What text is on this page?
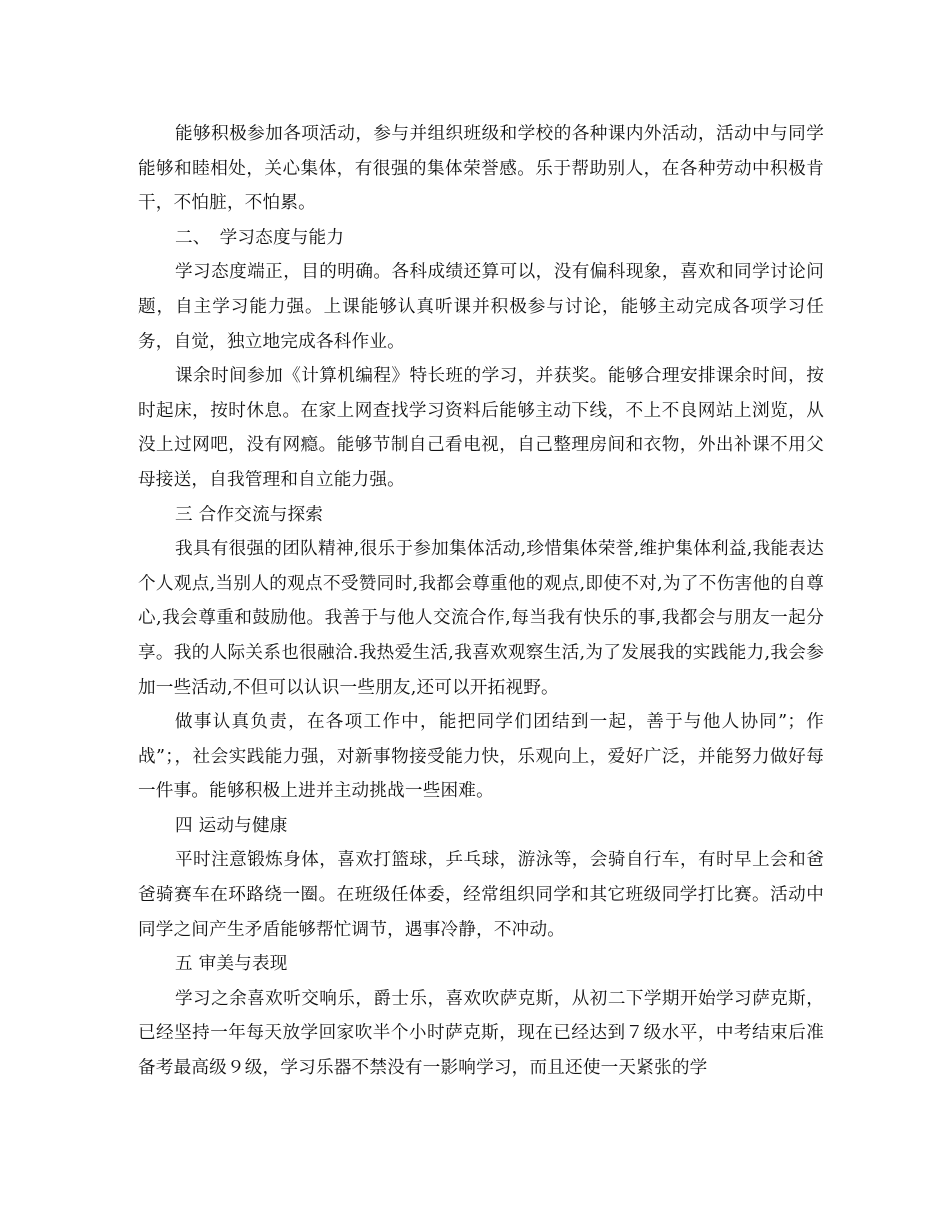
能够积极参加各项活动，参与并组织班级和学校的各种课内外活动，活动中与同学能够和睦相处，关心集体，有很强的集体荣誉感。乐于帮助别人，在各种劳动中积极肯干，不怕脏，不怕累。

二、　学习态度与能力

学习态度端正，目的明确。各科成绩还算可以，没有偏科现象，喜欢和同学讨论问题，自主学习能力强。上课能够认真听课并积极参与讨论，能够主动完成各项学习任务，自觉，独立地完成各科作业。

课余时间参加《计算机编程》特长班的学习，并获奖。能够合理安排课余时间，按时起床，按时休息。在家上网查找学习资料后能够主动下线，不上不良网站上浏览，从没上过网吧，没有网瘾。能够节制自己看电视，自己整理房间和衣物，外出补课不用父母接送，自我管理和自立能力强。

三 合作交流与探索

我具有很强的团队精神,很乐于参加集体活动,珍惜集体荣誉,维护集体利益,我能表达个人观点,当别人的观点不受赞同时,我都会尊重他的观点,即使不对,为了不伤害他的自尊心,我会尊重和鼓励他。我善于与他人交流合作,每当我有快乐的事,我都会与朋友一起分享。我的人际关系也很融洽.我热爱生活,我喜欢观察生活,为了发展我的实践能力,我会参加一些活动,不但可以认识一些朋友,还可以开拓视野。

做事认真负责，在各项工作中，能把同学们团结到一起，善于与他人协同”；作战”；，社会实践能力强，对新事物接受能力快，乐观向上，爱好广泛，并能努力做好每一件事。能够积极上进并主动挑战一些困难。

四 运动与健康

平时注意锻炼身体，喜欢打篮球，乒乓球，游泳等，会骑自行车，有时早上会和爸爸骑赛车在环路绕一圈。在班级任体委，经常组织同学和其它班级同学打比赛。活动中同学之间产生矛盾能够帮忙调节，遇事冷静，不冲动。

五 审美与表现

学习之余喜欢听交响乐，爵士乐，喜欢吹萨克斯，从初二下学期开始学习萨克斯，已经坚持一年每天放学回家吹半个小时萨克斯，现在已经达到７级水平，中考结束后准备考最高级９级，学习乐器不禁没有一影响学习，而且还使一天紧张的学
